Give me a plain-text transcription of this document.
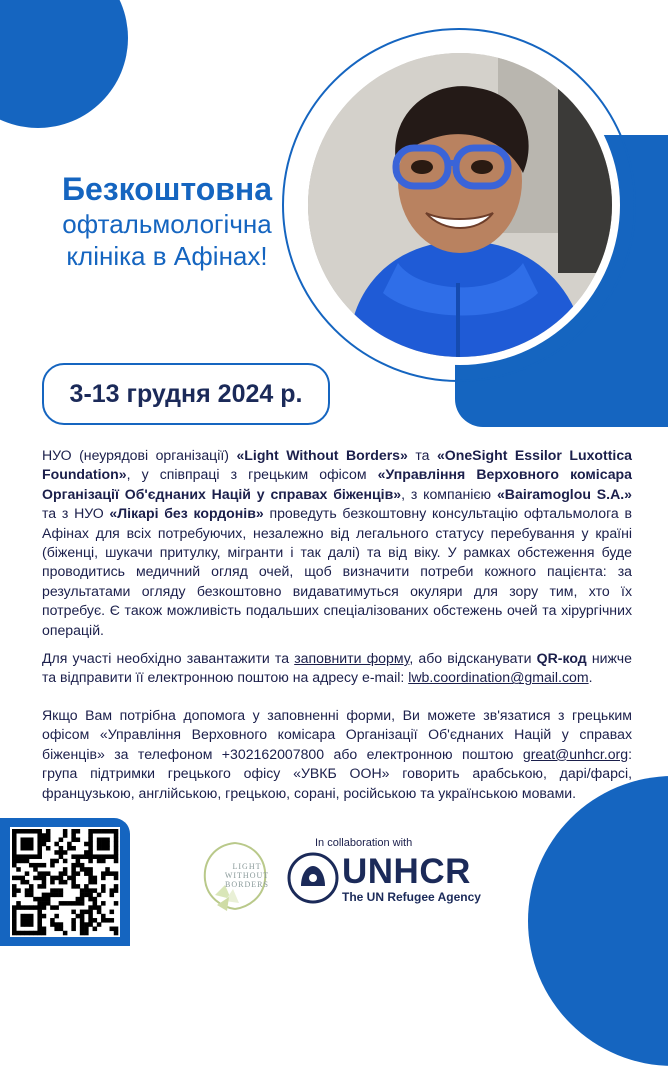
Безкоштовна
офтальмологічна
клініка в Афінах!
3-13 грудня 2024 р.
НУО (неурядові організації) «Light Without Borders» та «OneSight Essilor Luxottica Foundation», у співпраці з грецьким офісом «Управління Верховного комісара Організації Об'єднаних Націй у справах біженців», з компанією «Bairamoglou S.A.» та з НУО «Лікарі без кордонів» проведуть безкоштовну консультацію офтальмолога в Афінах для всіх потребуючих, незалежно від легального статусу перебування у країні (біженці, шукачи притулку, мігранти і так далі) та від віку. У рамках обстеження буде проводитись медичний огляд очей, щоб визначити потреби кожного пацієнта: за результатами огляду безкоштовно видаватимуться окуляри для зору тим, хто їх потребує. Є також можливість подальших спеціалізованих обстежень очей та хірургічних операцій.
Для участі необхідно завантажити та заповнити форму, або відсканувати QR-код нижче та відправити її електронною поштою на адресу e-mail: lwb.coordination@gmail.com.
Якщо Вам потрібна допомога у заповненні форми, Ви можете зв'язатися з грецьким офісом «Управління Верховного комісара Організації Об'єднаних Націй у справах біженців» за телефоном +302162007800 або електронною поштою great@unhcr.org: група підтримки грецького офісу «УВКБ ООН» говорить арабською, дарі/фарсі, французькою, англійською, грецькою, сорані, російською та українською мовами.
LIGHT WITHOUT BORDERS
In collaboration with
UNHCR
The UN Refugee Agency
